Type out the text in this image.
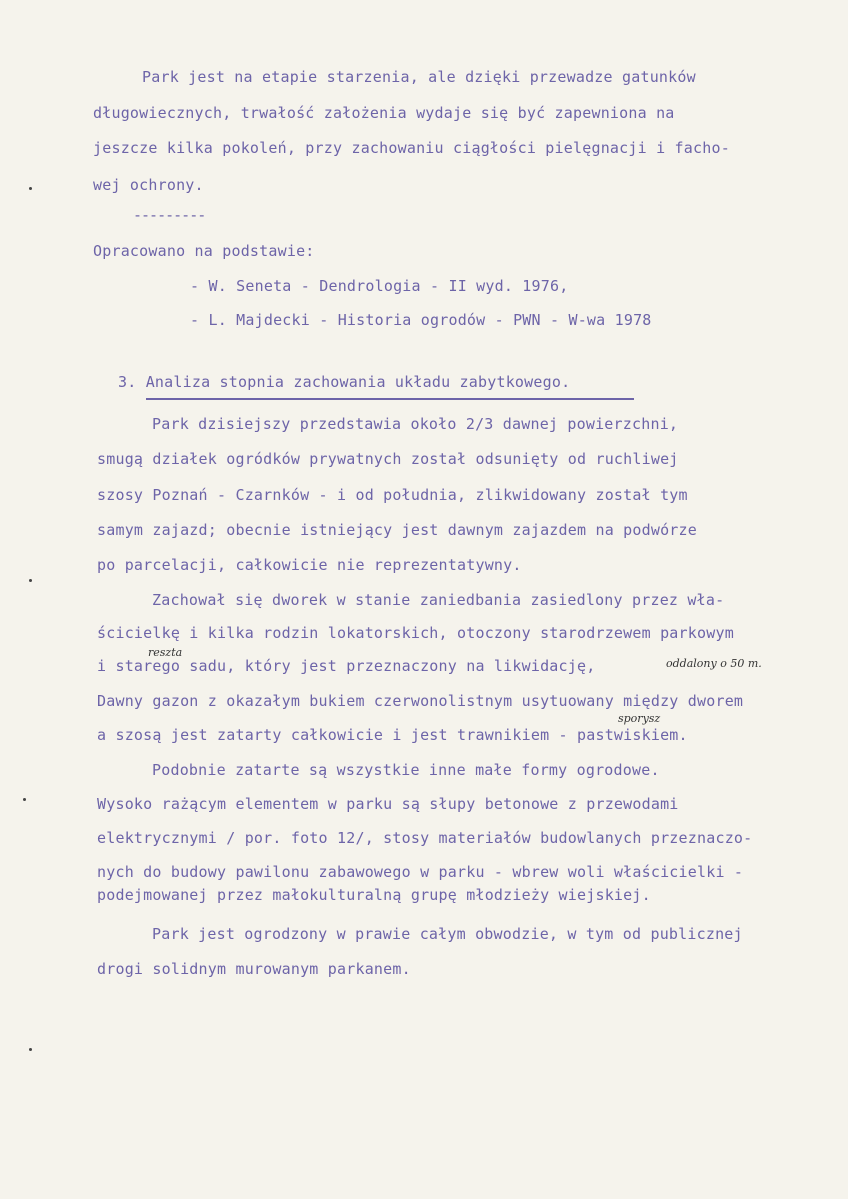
Park jest na etapie starzenia, ale dzięki przewadze gatunków
długowiecznych, trwałość założenia wydaje się być zapewniona na
jeszcze kilka pokoleń, przy zachowaniu ciągłości pielęgnacji i facho-
wej ochrony.
---------
Opracowano na podstawie:
- W. Seneta - Dendrologia - II wyd. 1976,
- L. Majdecki - Historia ogrodów - PWN - W-wa 1978
3. Analiza stopnia zachowania układu zabytkowego.
Park dzisiejszy przedstawia około 2/3 dawnej powierzchni,
smugą działek ogródków prywatnych został odsunięty od ruchliwej
szosy Poznań - Czarnków - i od południa, zlikwidowany został tym
samym zajazd; obecnie istniejący jest dawnym zajazdem na podwórze
po parcelacji, całkowicie nie reprezentatywny.
Zachował się dworek w stanie zaniedbania zasiedlony przez wła-
ścicielkę i kilka rodzin lokatorskich, otoczony starodrzewem parkowym
reszta
i starego sadu, który jest przeznaczony na likwidację,	oddalony o 50 m.
Dawny gazon z okazałym bukiem czerwonolistnym usytuowany między dworem
sporysz
a szosą jest zatarty całkowicie i jest trawnikiem - pastwiskiem.
Podobnie zatarte są wszystkie inne małe formy ogrodowe.
Wysoko rażącym elementem w parku są słupy betonowe z przewodami
elektrycznymi / por. foto 12/, stosy materiałów budowlanych przeznaczo-
nych do budowy pawilonu zabawowego w parku - wbrew woli właścicielki -
podejmowanej przez małokulturalną grupę młodzieży wiejskiej.
Park jest ogrodzony w prawie całym obwodzie, w tym od publicznej
drogi solidnym murowanym parkanem.
